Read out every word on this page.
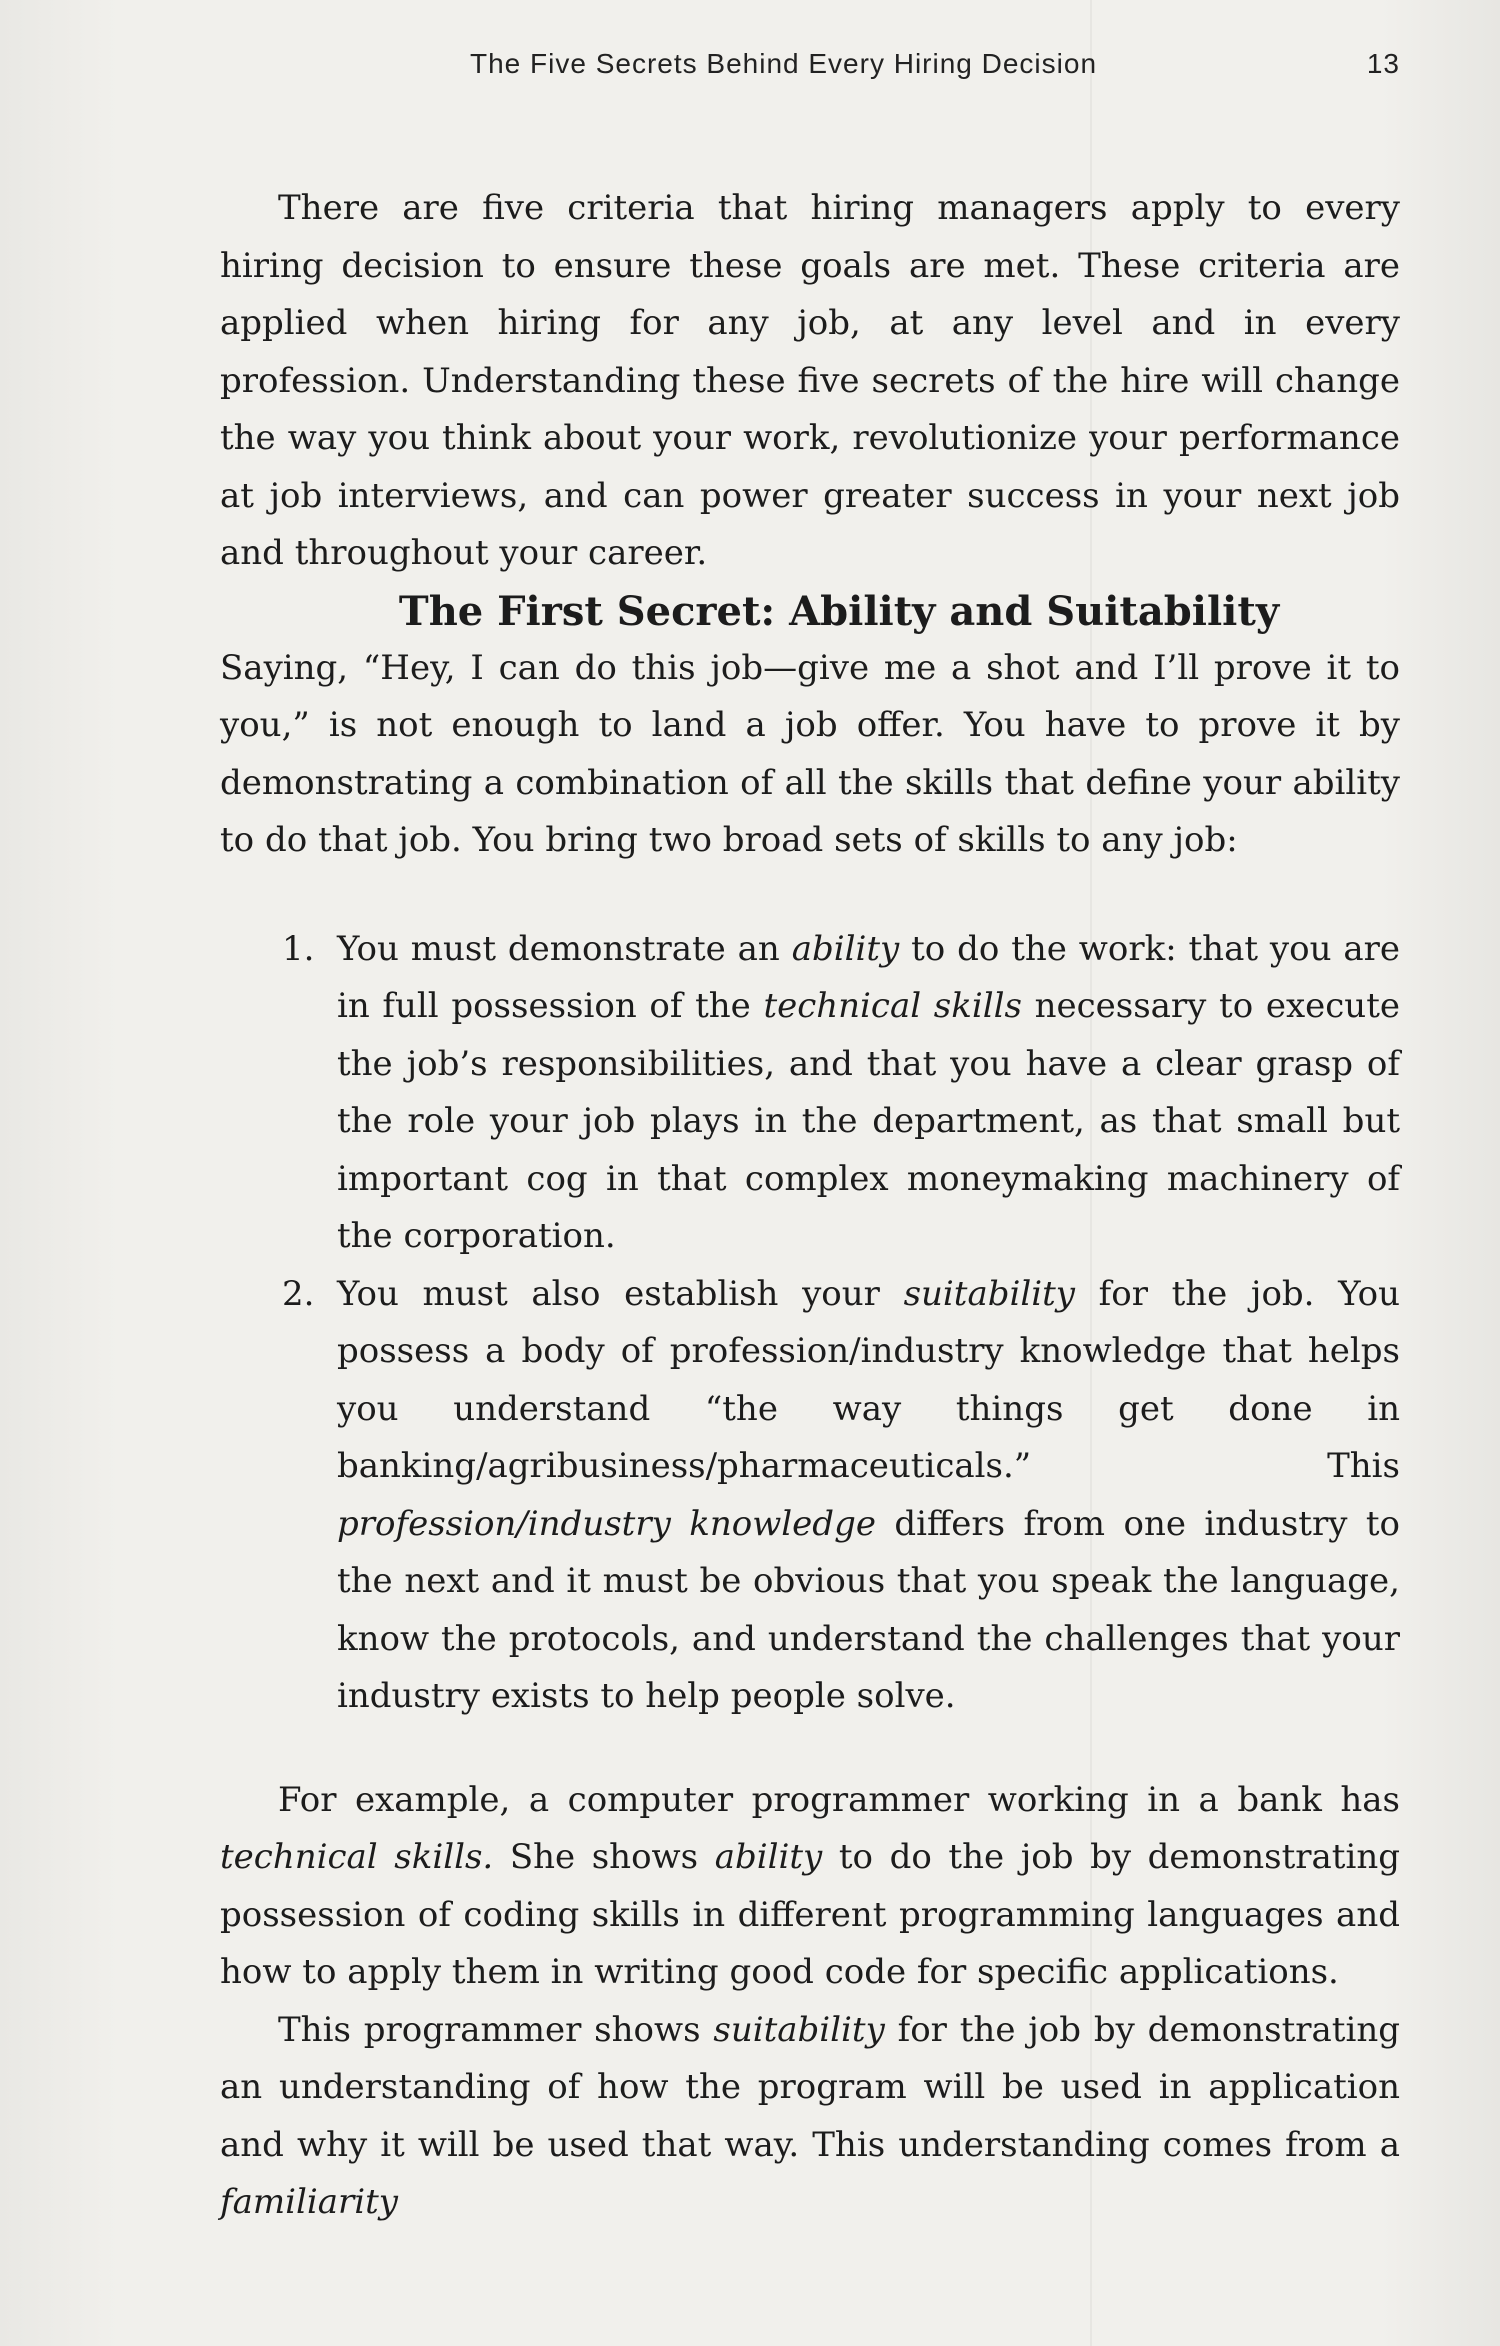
The Five Secrets Behind Every Hiring Decision	13

There are five criteria that hiring managers apply to every hiring decision to ensure these goals are met. These criteria are applied when hiring for any job, at any level and in every profession. Understanding these five secrets of the hire will change the way you think about your work, revolutionize your performance at job interviews, and can power greater success in your next job and throughout your career.

The First Secret: Ability and Suitability

Saying, “Hey, I can do this job—give me a shot and I’ll prove it to you,” is not enough to land a job offer. You have to prove it by demonstrating a combination of all the skills that define your ability to do that job. You bring two broad sets of skills to any job:

1. You must demonstrate an ability to do the work: that you are in full possession of the technical skills necessary to execute the job’s responsibilities, and that you have a clear grasp of the role your job plays in the department, as that small but important cog in that complex moneymaking machinery of the corporation.
2. You must also establish your suitability for the job. You possess a body of profession/industry knowledge that helps you understand “the way things get done in banking/agribusiness/pharmaceuticals.” This profession/industry knowledge differs from one industry to the next and it must be obvious that you speak the language, know the protocols, and understand the challenges that your industry exists to help people solve.

For example, a computer programmer working in a bank has technical skills. She shows ability to do the job by demonstrating possession of coding skills in different programming languages and how to apply them in writing good code for specific applications.

This programmer shows suitability for the job by demonstrating an understanding of how the program will be used in application and why it will be used that way. This understanding comes from a familiarity
